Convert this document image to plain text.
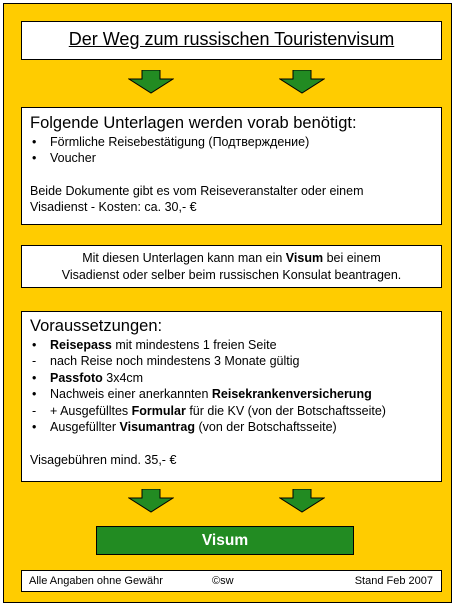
Der Weg zum russischen Touristenvisum
Folgende Unterlagen werden vorab benötigt:
• Förmliche Reisebestätigung (Подтверждение)
• Voucher
Beide Dokumente gibt es vom Reiseveranstalter oder einem
Visadienst - Kosten: ca. 30,- €
Mit diesen Unterlagen kann man ein Visum bei einem
Visadienst oder selber beim russischen Konsulat beantragen.
Voraussetzungen:
• Reisepass mit mindestens 1 freien Seite
- nach Reise noch mindestens 3 Monate gültig
• Passfoto 3x4cm
• Nachweis einer anerkannten Reisekrankenversicherung
- + Ausgefülltes Formular für die KV (von der Botschaftsseite)
• Ausgefüllter Visumantrag (von der Botschaftsseite)
Visagebühren mind. 35,- €
Visum
Alle Angaben ohne Gewähr	©sw	Stand Feb 2007
